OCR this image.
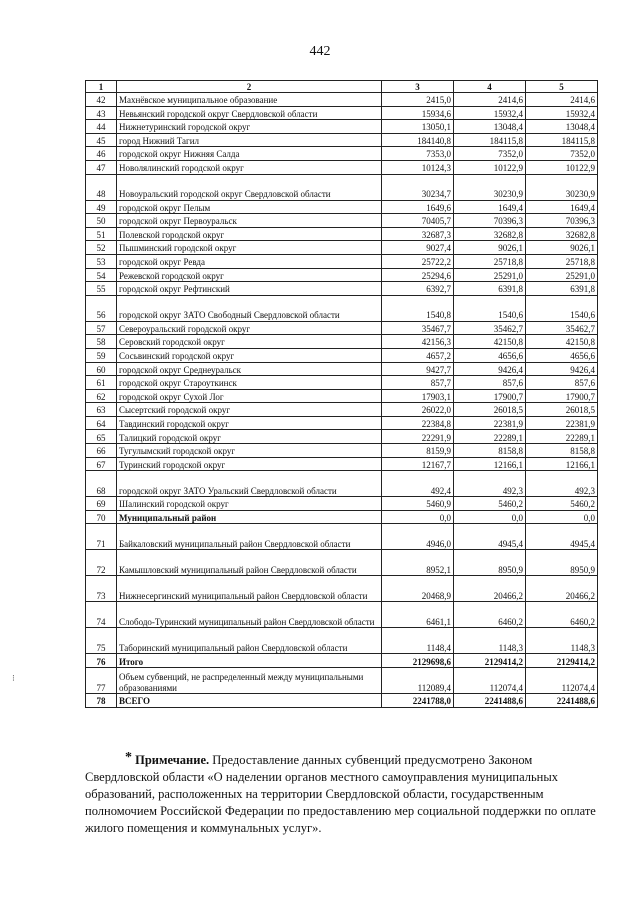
442
1	2	3	4	5
42	Махнёвское муниципальное образование	2415,0	2414,6	2414,6
43	Невьянский городской округ Свердловской области	15934,6	15932,4	15932,4
44	Нижнетуринский городской округ	13050,1	13048,4	13048,4
45	город Нижний Тагил	184140,8	184115,8	184115,8
46	городской округ Нижняя Салда	7353,0	7352,0	7352,0
47	Новолялинский городской округ	10124,3	10122,9	10122,9
48	Новоуральский городской округ Свердловской области	30234,7	30230,9	30230,9
49	городской округ Пелым	1649,6	1649,4	1649,4
50	городской округ Первоуральск	70405,7	70396,3	70396,3
51	Полевской городской округ	32687,3	32682,8	32682,8
52	Пышминский городской округ	9027,4	9026,1	9026,1
53	городской округ Ревда	25722,2	25718,8	25718,8
54	Режевской городской округ	25294,6	25291,0	25291,0
55	городской округ Рефтинский	6392,7	6391,8	6391,8
56	городской округ ЗАТО Свободный Свердловской области	1540,8	1540,6	1540,6
57	Североуральский городской округ	35467,7	35462,7	35462,7
58	Серовский городской округ	42156,3	42150,8	42150,8
59	Сосьвинский городской округ	4657,2	4656,6	4656,6
60	городской округ Среднеуральск	9427,7	9426,4	9426,4
61	городской округ Староуткинск	857,7	857,6	857,6
62	городской округ Сухой Лог	17903,1	17900,7	17900,7
63	Сысертский городской округ	26022,0	26018,5	26018,5
64	Тавдинский городской округ	22384,8	22381,9	22381,9
65	Талицкий городской округ	22291,9	22289,1	22289,1
66	Тугулымский городской округ	8159,9	8158,8	8158,8
67	Туринский городской округ	12167,7	12166,1	12166,1
68	городской округ ЗАТО Уральский Свердловской области	492,4	492,3	492,3
69	Шалинский городской округ	5460,9	5460,2	5460,2
70	Муниципальный район	0,0	0,0	0,0
71	Байкаловский муниципальный район Свердловской области	4946,0	4945,4	4945,4
72	Камышловский муниципальный район Свердловской области	8952,1	8950,9	8950,9
73	Нижнесергинский муниципальный район Свердловской области	20468,9	20466,2	20466,2
74	Слободо-Туринский муниципальный район Свердловской области	6461,1	6460,2	6460,2
75	Таборинский муниципальный район Свердловской области	1148,4	1148,3	1148,3
76	Итого	2129698,6	2129414,2	2129414,2
77	Объем субвенций, не распределенный между муниципальными образованиями	112089,4	112074,4	112074,4
78	ВСЕГО	2241788,0	2241488,6	2241488,6
* Примечание. Предоставление данных субвенций предусмотрено Законом Свердловской области «О наделении органов местного самоуправления муниципальных образований, расположенных на территории Свердловской области, государственным полномочием Российской Федерации по предоставлению мер социальной поддержки по оплате жилого помещения и коммунальных услуг».
⁝
